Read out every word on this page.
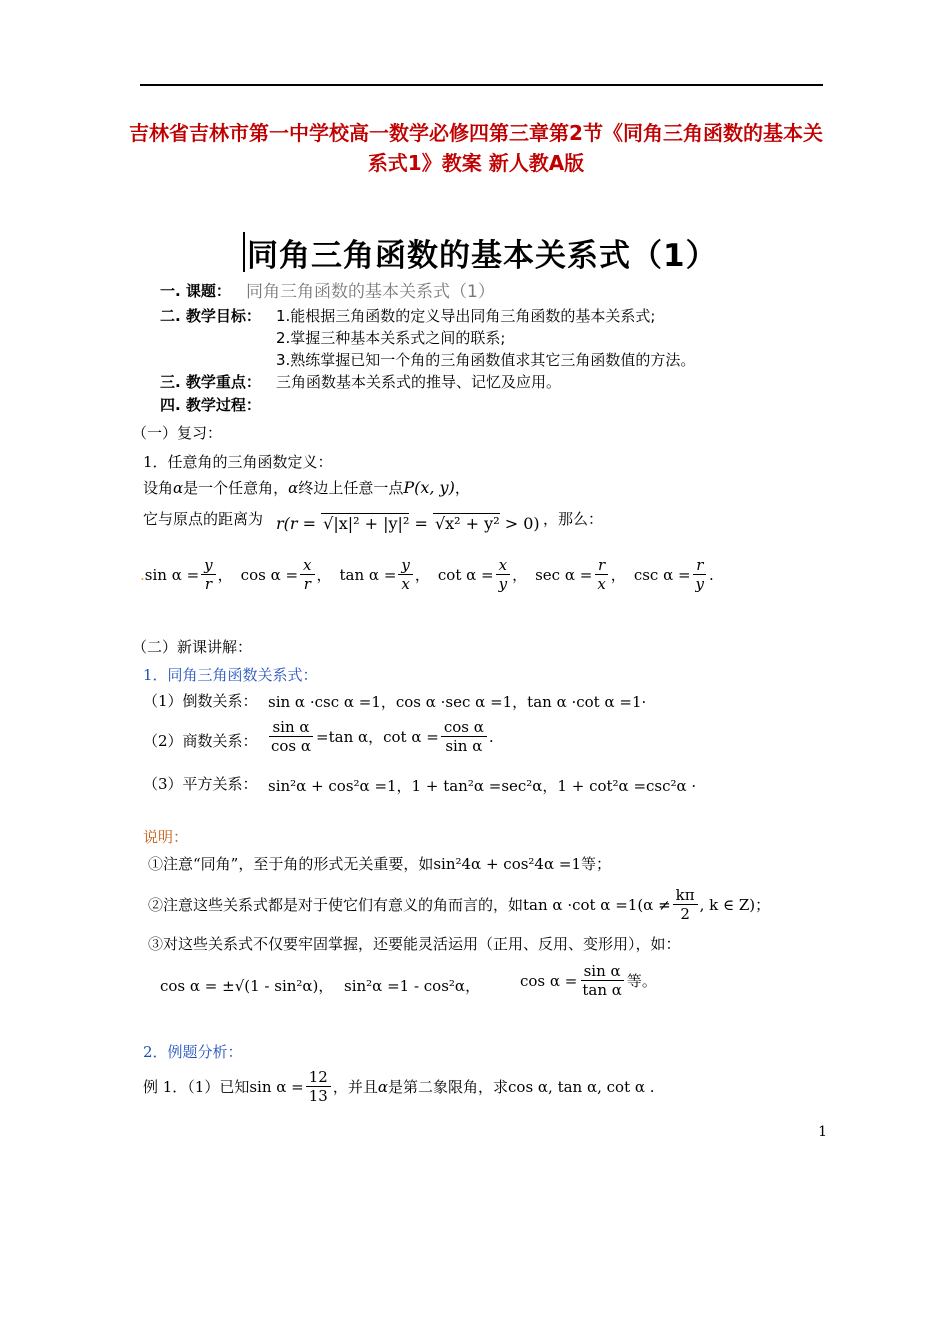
吉林省吉林市第一中学校高一数学必修四第三章第2节《同角三角函数的基本关系式1》教案 新人教A版
同角三角函数的基本关系式（1）
一. 课题： 同角三角函数的基本关系式（1）
二. 教学目标： 1.能根据三角函数的定义导出同角三角函数的基本关系式;
2.掌握三种基本关系式之间的联系;
3.熟练掌握已知一个角的三角函数值求其它三角函数值的方法。
三. 教学重点： 三角函数基本关系式的推导、记忆及应用。
四. 教学过程：
（一）复习：
1．任意角的三角函数定义：
设角α是一个任意角，α终边上任意一点P(x, y)，
它与原点的距离为 r(r = √|x|² + |y|² = √x² + y² > 0) ，那么：
. $\sin \alpha = \frac{y}{r}$ ， $\cos \alpha = \frac{x}{r}$ ， $\tan \alpha = \frac{y}{x}$ ， $\cot \alpha = \frac{x}{y}$ ， $\sec \alpha = \frac{r}{x}$ ， $\csc \alpha = \frac{r}{y}$ .
（二）新课讲解：
1．同角三角函数关系式：
（1）倒数关系： sin α ·csc α =1，cos α ·sec α =1，tan α ·cot α =1·
（2）商数关系： $\frac{\text{sin α}}{\text{cos α}} =\tan$ α，$\cot \alpha = \frac{\text{cos α}}{\text{sin α}}$ .
（3）平方关系： sin²α + cos²α =1，1 + tan²α =sec²α，1 + cot²α =csc²α ·
说明：
①注意“同角”，至于角的形式无关重要，如sin²4α + cos²4α =1等；
②注意这些关系式都是对于使它们有意义的角而言的，如 tan α ·cot $\alpha =1(\alpha \ne \frac{k\pi}{2}$ , k ∈ Z) ；
③对这些关系式不仅要牢固掌握，还要能灵活运用（正用、反用、变形用），如：
cos α = ±√(1 - sin²α)， sin²α =1 - cos²α，	$\cos \alpha = \frac{\text{sin α}}{\text{tan α}}$ 等。
2．例题分析：
例 1．（1）已知 $\sin \alpha = \frac{12}{13}$ ，并且 α 是第二象限角，求 cos α, tan α, cot α .
1
